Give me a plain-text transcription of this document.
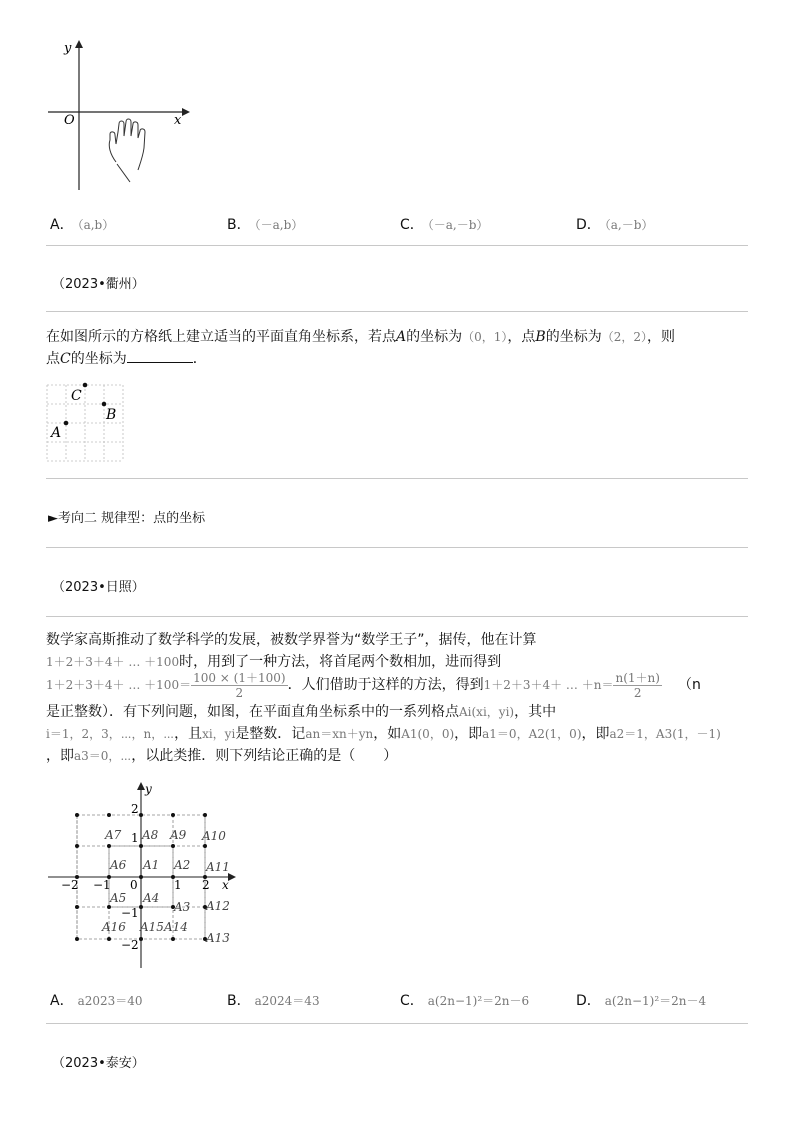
y
x
O
A． （a,b）	B． （－a,b）	C． （－a,－b）	D． （a,－b）
（2023•衢州）
在如图所示的方格纸上建立适当的平面直角坐标系，若点A的坐标为（0，1），点B的坐标为（2，2），则
点C的坐标为	．
A
C
B
►考向二 规律型：点的坐标
（2023•日照）
数学家高斯推动了数学科学的发展，被数学界誉为“数学王子”，据传，他在计算
1＋2＋3＋4＋ … ＋100时，用到了一种方法，将首尾两个数相加，进而得到
1＋2＋3＋4＋ … $+100= \frac{100 \times (1+100)}{2}$ ．人们借助于这样的方法，得到1＋2＋3＋4＋ … $+n= \frac{n(1+n)}{2} (n$
是正整数）．有下列问题，如图，在平面直角坐标系中的一系列格点Ai(xi，yi)，其中
i＝1，2，3，⋯，n，⋯，且xi，yi是整数．记an＝xn＋yn，如A1(0，0)，即a1＝0，A2(1，0)，即a2＝1，A3(1，－1)
，即a3＝0，⋯，以此类推．则下列结论正确的是（　　）
x
y
0
−2 −1	1 2
2
1
−1
−2
A1 A2
A3
A4
A5
A6
A7 A8 A9 A10
A11
A12
A13
A14
A15
A16
A． a2023＝40	B． a2024＝43	C． a(2n−1)²＝2n－6	D． a(2n−1)²＝2n－4
（2023•泰安）
